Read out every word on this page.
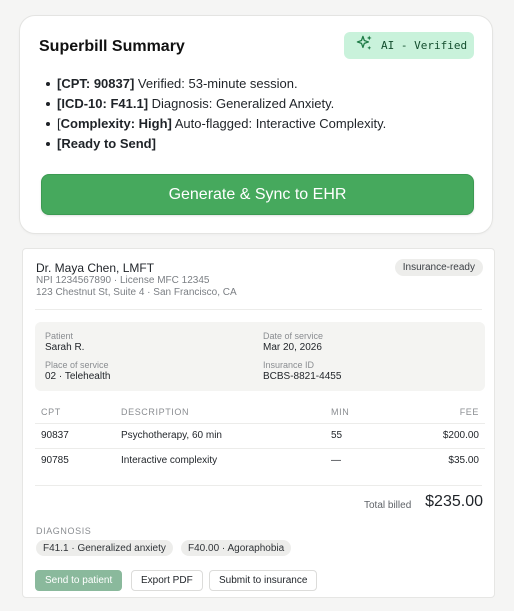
Superbill Summary	AI - Verified
[CPT: 90837] Verified: 53-minute session.
[ICD-10: F41.1] Diagnosis: Generalized Anxiety.
[Complexity: High] Auto-flagged: Interactive Complexity.
[Ready to Send]
Generate & Sync to EHR
Dr. Maya Chen, LMFT
NPI 1234567890 · License MFC 12345
123 Chestnut St, Suite 4 · San Francisco, CA
Insurance-ready
Patient
Sarah R.
Date of service
Mar 20, 2026
Place of service
02 · Telehealth
Insurance ID
BCBS-8821-4455
CPT	DESCRIPTION	MIN	FEE
90837	Psychotherapy, 60 min	55	$200.00
90785	Interactive complexity	—	$35.00
Total billed $235.00
DIAGNOSIS
F41.1 · Generalized anxiety	F40.00 · Agoraphobia
Send to patient	Export PDF	Submit to insurance
